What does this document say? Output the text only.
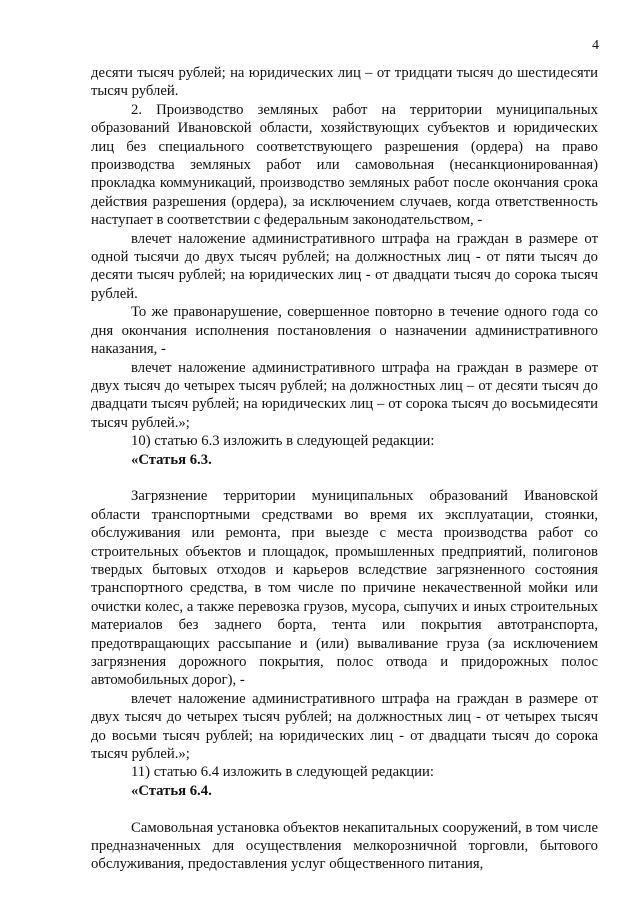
4

десяти тысяч рублей; на юридических лиц – от тридцати тысяч до шестидесяти тысяч рублей.

2. Производство земляных работ на территории муниципальных образований Ивановской области, хозяйствующих субъектов и юридических лиц без специального соответствующего разрешения (ордера) на право производства земляных работ или самовольная (несанкционированная) прокладка коммуникаций, производство земляных работ после окончания срока действия разрешения (ордера), за исключением случаев, когда ответственность наступает в соответствии с федеральным законодательством, -

влечет наложение административного штрафа на граждан в размере от одной тысячи до двух тысяч рублей; на должностных лиц - от пяти тысяч до десяти тысяч рублей; на юридических лиц - от двадцати тысяч до сорока тысяч рублей.

То же правонарушение, совершенное повторно в течение одного года со дня окончания исполнения постановления о назначении административного наказания, -

влечет наложение административного штрафа на граждан в размере от двух тысяч до четырех тысяч рублей; на должностных лиц – от десяти тысяч до двадцати тысяч рублей; на юридических лиц – от сорока тысяч до восьмидесяти тысяч рублей.»;

10) статью 6.3 изложить в следующей редакции:

«Статья 6.3.

Загрязнение территории муниципальных образований Ивановской области транспортными средствами во время их эксплуатации, стоянки, обслуживания или ремонта, при выезде с места производства работ со строительных объектов и площадок, промышленных предприятий, полигонов твердых бытовых отходов и карьеров вследствие загрязненного состояния транспортного средства, в том числе по причине некачественной мойки или очистки колес, а также перевозка грузов, мусора, сыпучих и иных строительных материалов без заднего борта, тента или покрытия автотранспорта, предотвращающих рассыпание и (или) вываливание груза (за исключением загрязнения дорожного покрытия, полос отвода и придорожных полос автомобильных дорог), -

влечет наложение административного штрафа на граждан в размере от двух тысяч до четырех тысяч рублей; на должностных лиц - от четырех тысяч до восьми тысяч рублей; на юридических лиц - от двадцати тысяч до сорока тысяч рублей.»;

11) статью 6.4 изложить в следующей редакции:

«Статья 6.4.

Самовольная установка объектов некапитальных сооружений, в том числе предназначенных для осуществления мелкорозничной торговли, бытового обслуживания, предоставления услуг общественного питания,
